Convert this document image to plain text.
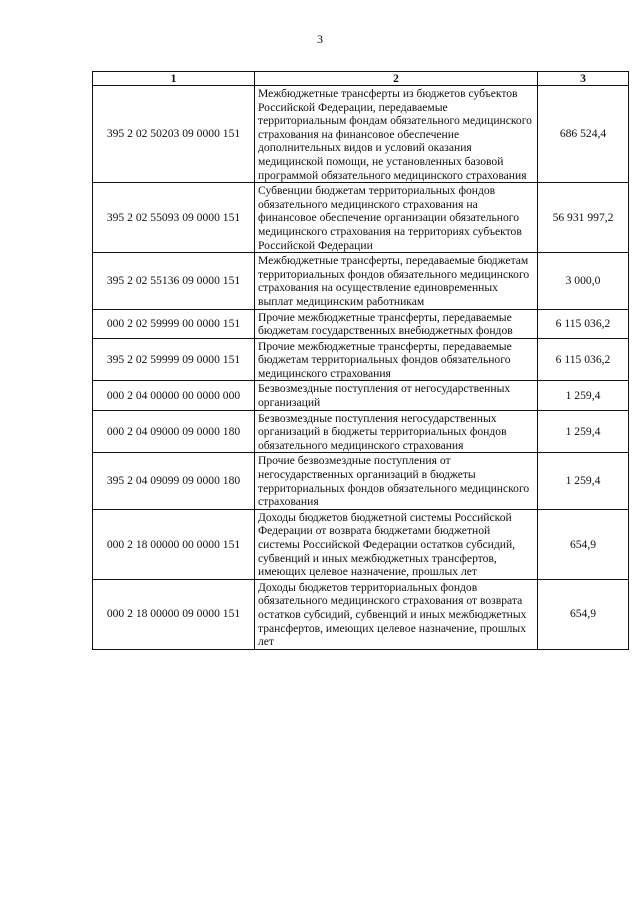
3
1	2	3
395 2 02 50203 09 0000 151	Межбюджетные трансферты из бюджетов субъектов Российской Федерации, передаваемые территориальным фондам обязательного медицинского страхования на финансовое обеспечение дополнительных видов и условий оказания медицинской помощи, не установленных базовой программой обязательного медицинского страхования	686 524,4
395 2 02 55093 09 0000 151	Субвенции бюджетам территориальных фондов обязательного медицинского страхования на финансовое обеспечение организации обязательного медицинского страхования на территориях субъектов Российской Федерации	56 931 997,2
395 2 02 55136 09 0000 151	Межбюджетные трансферты, передаваемые бюджетам территориальных фондов обязательного медицинского страхования на осуществление единовременных выплат медицинским работникам	3 000,0
000 2 02 59999 00 0000 151	Прочие межбюджетные трансферты, передаваемые бюджетам государственных внебюджетных фондов	6 115 036,2
395 2 02 59999 09 0000 151	Прочие межбюджетные трансферты, передаваемые бюджетам территориальных фондов обязательного медицинского страхования	6 115 036,2
000 2 04 00000 00 0000 000	Безвозмездные поступления от негосударственных организаций	1 259,4
000 2 04 09000 09 0000 180	Безвозмездные поступления негосударственных организаций в бюджеты территориальных фондов обязательного медицинского страхования	1 259,4
395 2 04 09099 09 0000 180	Прочие безвозмездные поступления от негосударственных организаций в бюджеты территориальных фондов обязательного медицинского страхования	1 259,4
000 2 18 00000 00 0000 151	Доходы бюджетов бюджетной системы Российской Федерации от возврата бюджетами бюджетной системы Российской Федерации остатков субсидий, субвенций и иных межбюджетных трансфертов, имеющих целевое назначение, прошлых лет	654,9
000 2 18 00000 09 0000 151	Доходы бюджетов территориальных фондов обязательного медицинского страхования от возврата остатков субсидий, субвенций и иных межбюджетных трансфертов, имеющих целевое назначение, прошлых лет	654,9
